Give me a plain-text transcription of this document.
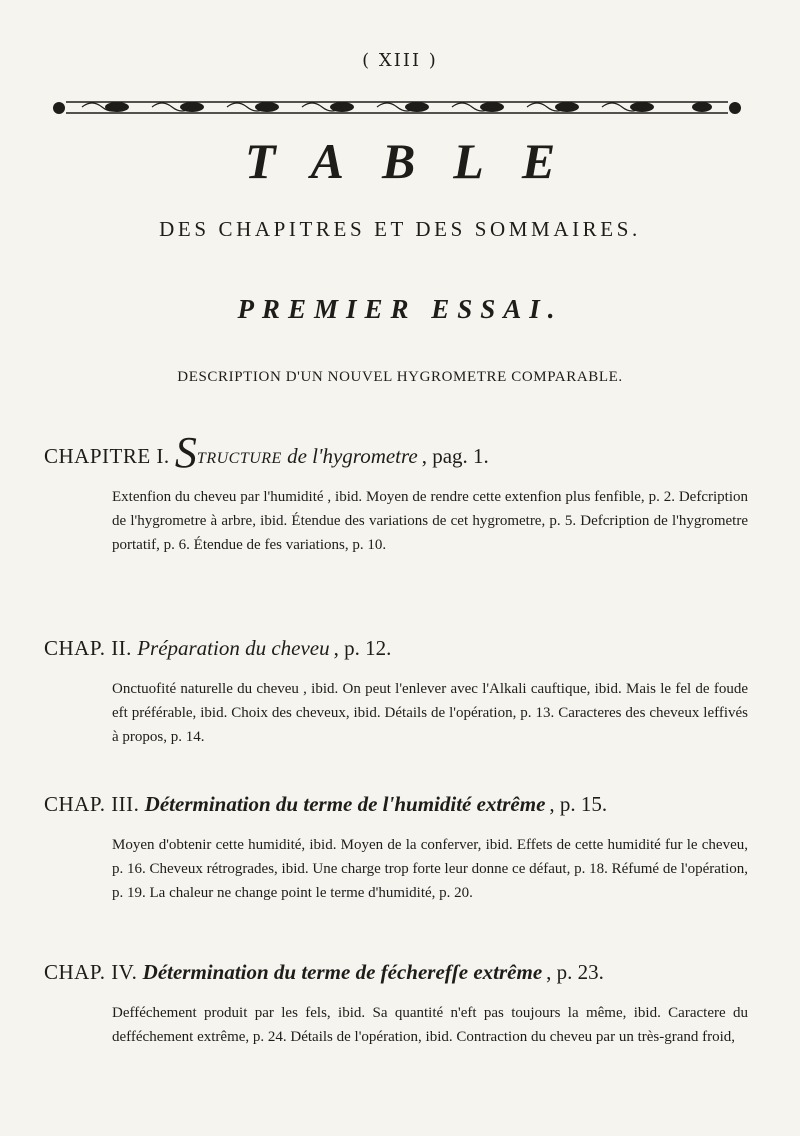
( XIII )
TABLE
DES CHAPITRES ET DES SOMMAIRES.
PREMIER ESSAI.
DESCRIPTION D'UN NOUVEL HYGROMETRE COMPARABLE.
CHAPITRE I. STRUCTURE de l'hygrometre , pag. 1.
Extenfion du cheveu par l'humidité , ibid. Moyen de rendre cette extenfion plus fenfible, p. 2. Defcription de l'hygrometre à arbre, ibid. Étendue des variations de cet hygrometre, p. 5. Defcription de l'hygrometre portatif, p. 6. Étendue de fes variations, p. 10.
CHAP. II. Préparation du cheveu , p. 12.
Onctuofité naturelle du cheveu , ibid. On peut l'enlever avec l'Alkali cauftique, ibid. Mais le fel de foude eft préférable, ibid. Choix des cheveux, ibid. Détails de l'opération, p. 13. Caracteres des cheveux leffivés à propos, p. 14.
CHAP. III. Détermination du terme de l'humidité extrême , p. 15.
Moyen d'obtenir cette humidité, ibid. Moyen de la conferver, ibid. Effets de cette humidité fur le cheveu, p. 16. Cheveux rétrogrades, ibid. Une charge trop forte leur donne ce défaut, p. 18. Réfumé de l'opération, p. 19. La chaleur ne change point le terme d'humidité, p. 20.
CHAP. IV. Détermination du terme de fécherefſe extrême , p. 23.
Defféchement produit par les fels, ibid. Sa quantité n'eft pas toujours la même, ibid. Caractere du defféchement extrême, p. 24. Détails de l'opération, ibid. Contraction du cheveu par un très-grand froid,
